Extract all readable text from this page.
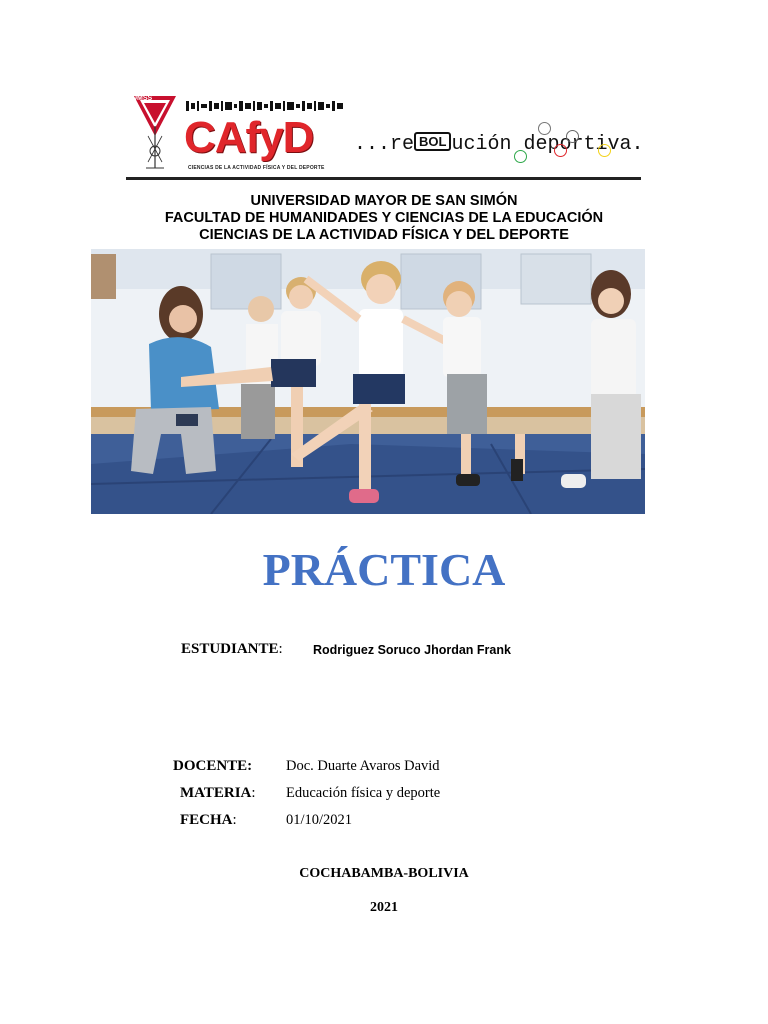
UMSS
CAfyD
CIENCIAS DE LA ACTIVIDAD FÍSICA Y DEL DEPORTE
...re BOL ución deportiva.
UNIVERSIDAD MAYOR DE SAN SIMÓN
FACULTAD DE HUMANIDADES Y CIENCIAS DE LA EDUCACIÓN
CIENCIAS DE LA ACTIVIDAD FÍSICA Y DEL DEPORTE
PRÁCTICA
ESTUDIANTE: Rodriguez Soruco Jhordan Frank
DOCENTE: Doc. Duarte Avaros David
MATERIA: Educación física y deporte
FECHA:	01/10/2021
COCHABAMBA-BOLIVIA
2021
